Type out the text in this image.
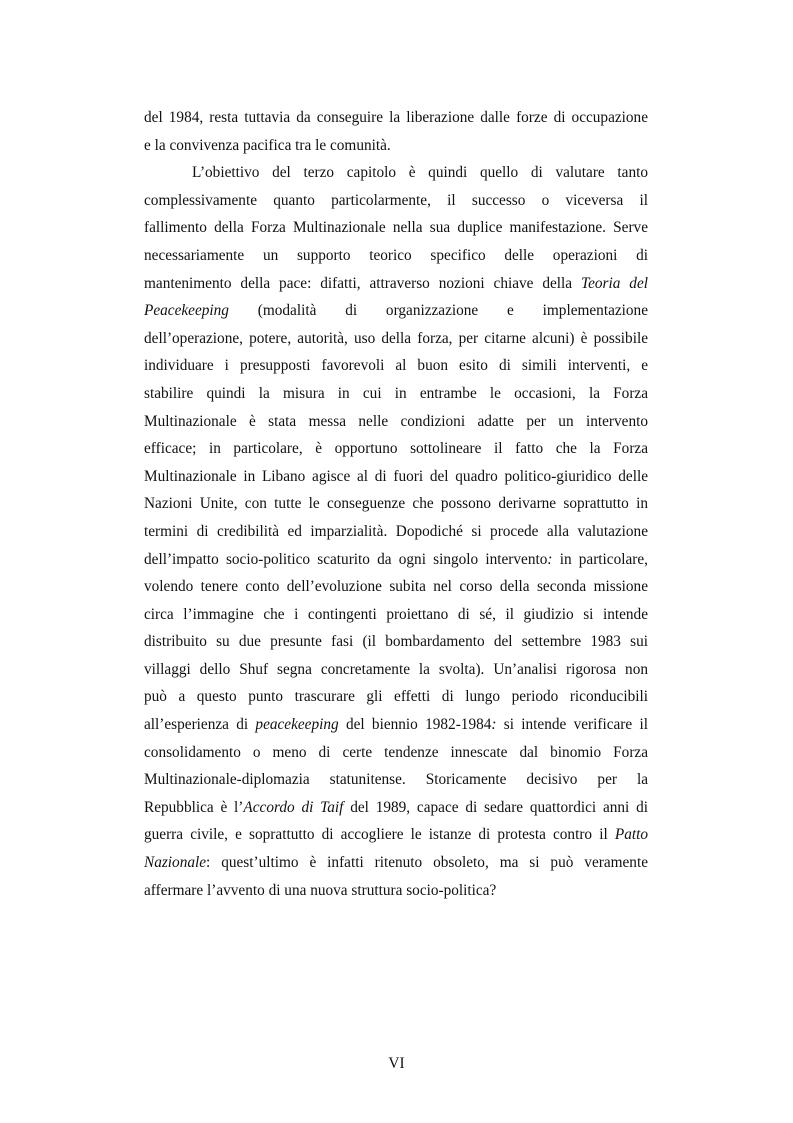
del 1984, resta tuttavia da conseguire la liberazione dalle forze di occupazione
e la convivenza pacifica tra le comunità.
L’obiettivo del terzo capitolo è quindi quello di valutare tanto
complessivamente quanto particolarmente, il successo o viceversa il
fallimento della Forza Multinazionale nella sua duplice manifestazione. Serve
necessariamente un supporto teorico specifico delle operazioni di
mantenimento della pace: difatti, attraverso nozioni chiave della Teoria del
Peacekeeping (modalità di organizzazione e implementazione
dell’operazione, potere, autorità, uso della forza, per citarne alcuni) è possibile
individuare i presupposti favorevoli al buon esito di simili interventi, e
stabilire quindi la misura in cui in entrambe le occasioni, la Forza
Multinazionale è stata messa nelle condizioni adatte per un intervento
efficace; in particolare, è opportuno sottolineare il fatto che la Forza
Multinazionale in Libano agisce al di fuori del quadro politico-giuridico delle
Nazioni Unite, con tutte le conseguenze che possono derivarne soprattutto in
termini di credibilità ed imparzialità. Dopodiché si procede alla valutazione
dell’impatto socio-politico scaturito da ogni singolo intervento: in particolare,
volendo tenere conto dell’evoluzione subita nel corso della seconda missione
circa l’immagine che i contingenti proiettano di sé, il giudizio si intende
distribuito su due presunte fasi (il bombardamento del settembre 1983 sui
villaggi dello Shuf segna concretamente la svolta). Un’analisi rigorosa non
può a questo punto trascurare gli effetti di lungo periodo riconducibili
all’esperienza di peacekeeping del biennio 1982-1984: si intende verificare il
consolidamento o meno di certe tendenze innescate dal binomio Forza
Multinazionale-diplomazia statunitense. Storicamente decisivo per la
Repubblica è l’Accordo di Taif del 1989, capace di sedare quattordici anni di
guerra civile, e soprattutto di accogliere le istanze di protesta contro il Patto
Nazionale: quest’ultimo è infatti ritenuto obsoleto, ma si può veramente
affermare l’avvento di una nuova struttura socio-politica?
VI
